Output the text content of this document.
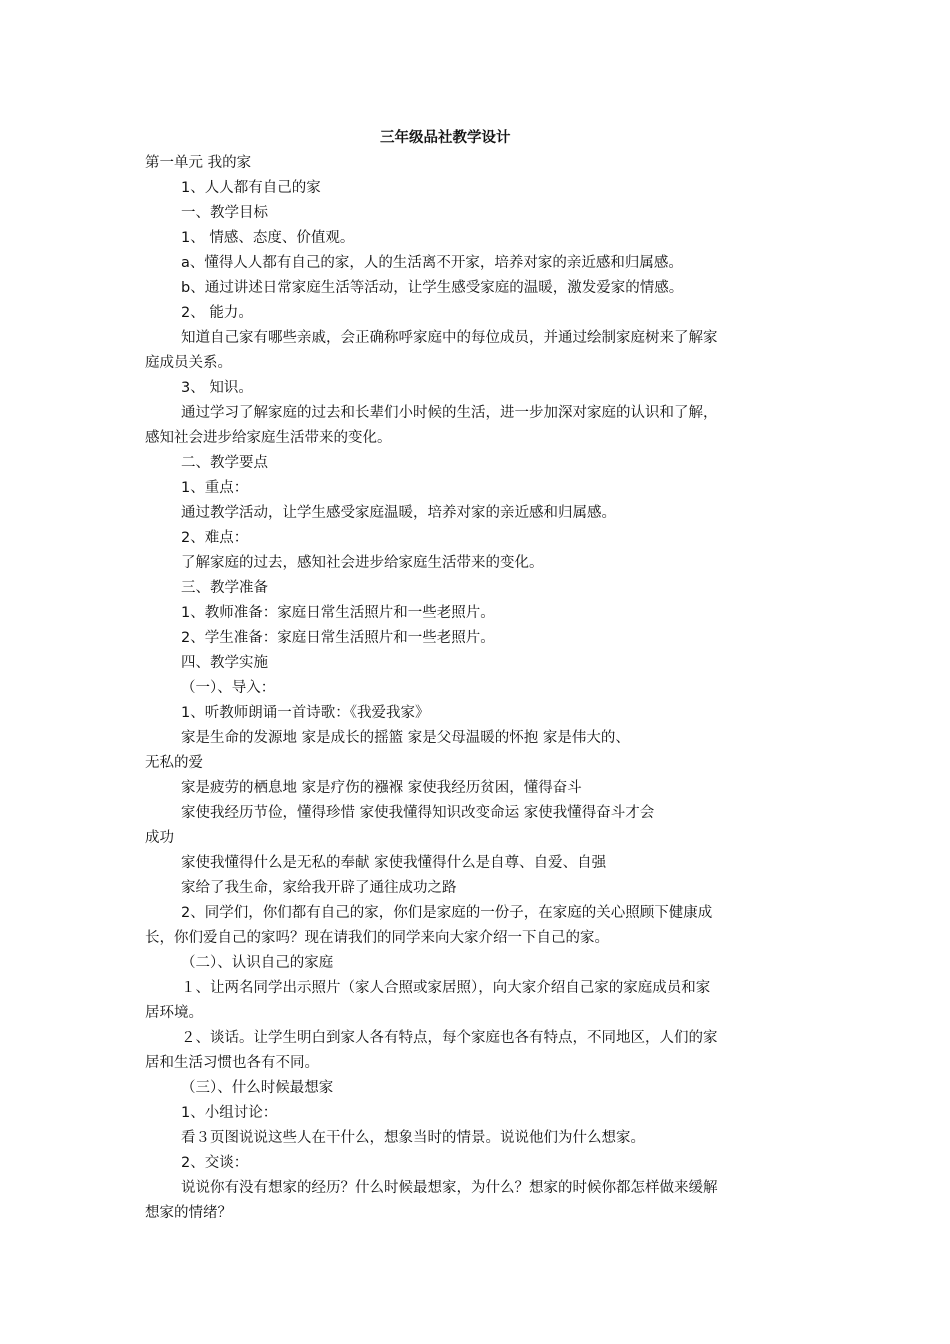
三年级品社教学设计
第一单元 我的家
1、人人都有自己的家
一、教学目标
1、 情感、态度、价值观。
a、懂得人人都有自己的家，人的生活离不开家，培养对家的亲近感和归属感。
b、通过讲述日常家庭生活等活动，让学生感受家庭的温暖，激发爱家的情感。
2、 能力。
知道自己家有哪些亲戚，会正确称呼家庭中的每位成员，并通过绘制家庭树来了解家
庭成员关系。
3、 知识。
通过学习了解家庭的过去和长辈们小时候的生活，进一步加深对家庭的认识和了解，
感知社会进步给家庭生活带来的变化。
二、教学要点
1、重点：
通过教学活动，让学生感受家庭温暖，培养对家的亲近感和归属感。
2、难点：
了解家庭的过去，感知社会进步给家庭生活带来的变化。
三、教学准备
1、教师准备：家庭日常生活照片和一些老照片。
2、学生准备：家庭日常生活照片和一些老照片。
四、教学实施
（一）、导入：
1、听教师朗诵一首诗歌：《我爱我家》
家是生命的发源地 家是成长的摇篮 家是父母温暖的怀抱 家是伟大的、
无私的爱
家是疲劳的栖息地 家是疗伤的襁褓 家使我经历贫困，懂得奋斗
家使我经历节俭，懂得珍惜 家使我懂得知识改变命运 家使我懂得奋斗才会
成功
家使我懂得什么是无私的奉献 家使我懂得什么是自尊、自爱、自强
家给了我生命，家给我开辟了通往成功之路
2、同学们，你们都有自己的家，你们是家庭的一份子，在家庭的关心照顾下健康成
长，你们爱自己的家吗？现在请我们的同学来向大家介绍一下自己的家。
（二）、认识自己的家庭
１、让两名同学出示照片（家人合照或家居照），向大家介绍自己家的家庭成员和家
居环境。
２、谈话。让学生明白到家人各有特点，每个家庭也各有特点，不同地区，人们的家
居和生活习惯也各有不同。
（三）、什么时候最想家
1、小组讨论：
看３页图说说这些人在干什么，想象当时的情景。说说他们为什么想家。
2、交谈：
说说你有没有想家的经历？什么时候最想家，为什么？想家的时候你都怎样做来缓解
想家的情绪？
